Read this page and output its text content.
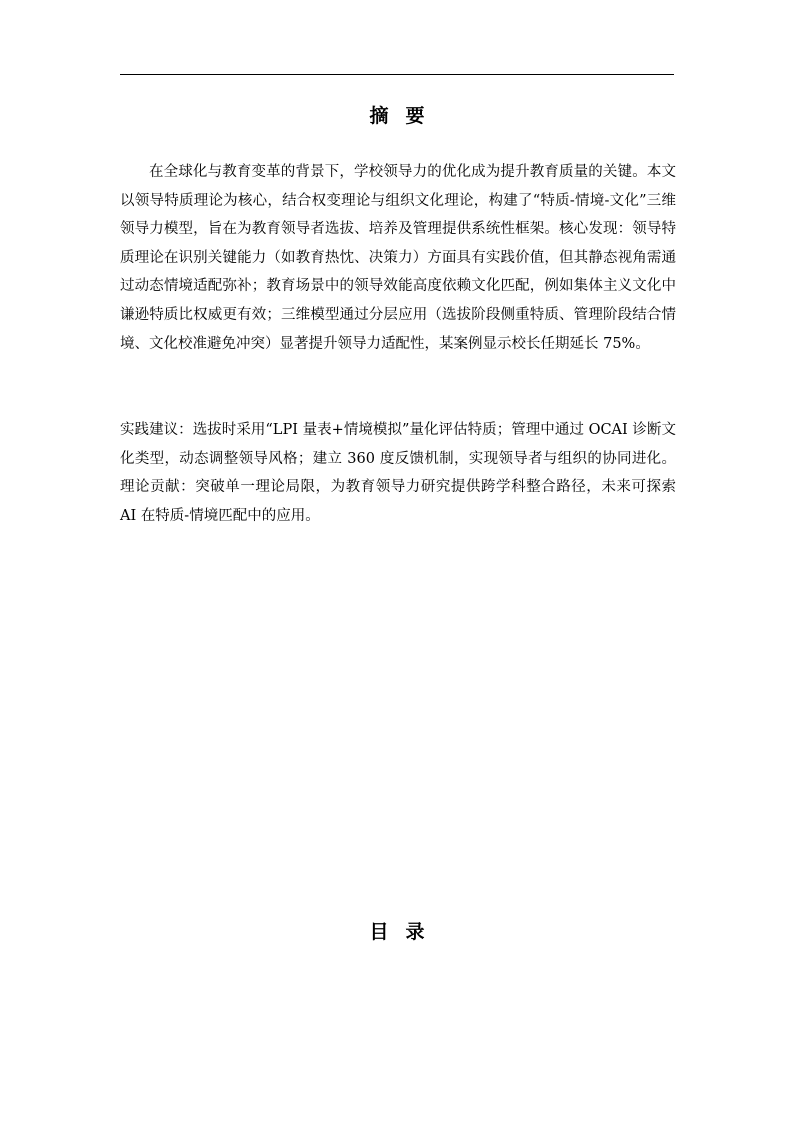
摘要

在全球化与教育变革的背景下，学校领导力的优化成为提升教育质量的关键。本文以领导特质理论为核心，结合权变理论与组织文化理论，构建了“特质-情境-文化”三维领导力模型，旨在为教育领导者选拔、培养及管理提供系统性框架。核心发现：领导特质理论在识别关键能力（如教育热忱、决策力）方面具有实践价值，但其静态视角需通过动态情境适配弥补；教育场景中的领导效能高度依赖文化匹配，例如集体主义文化中谦逊特质比权威更有效；三维模型通过分层应用（选拔阶段侧重特质、管理阶段结合情境、文化校准避免冲突）显著提升领导力适配性，某案例显示校长任期延长 75%。

实践建议：选拔时采用“LPI 量表+情境模拟”量化评估特质；管理中通过 OCAI 诊断文化类型，动态调整领导风格；建立 360 度反馈机制，实现领导者与组织的协同进化。理论贡献：突破单一理论局限，为教育领导力研究提供跨学科整合路径，未来可探索 AI 在特质-情境匹配中的应用。

目录
